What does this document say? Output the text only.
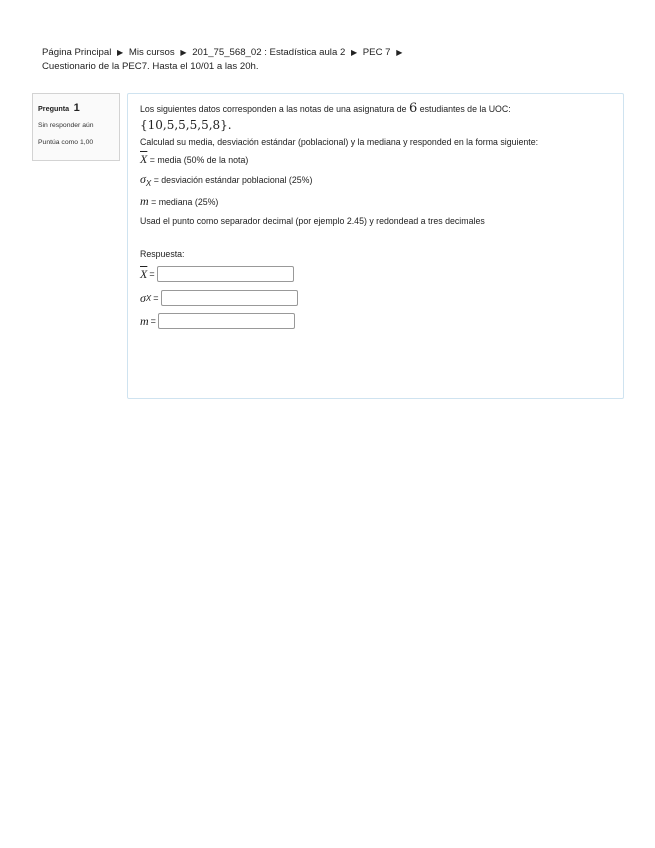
Página Principal ▶ Mis cursos ▶ 201_75_568_02 : Estadística aula 2 ▶ PEC 7 ▶
Cuestionario de la PEC7. Hasta el 10/01 a las 20h.
Pregunta 1
Sin responder aún
Puntúa como 1,00
Los siguientes datos corresponden a las notas de una asignatura de 6 estudiantes de la UOC:
{10,5,5,5,5,8}.
Calculad su media, desviación estándar (poblacional) y la mediana y responded en la forma siguiente:
$\overline{X}$ = media (50% de la nota)
σX = desviación estándar poblacional (25%)
m = mediana (25%)
Usad el punto como separador decimal (por ejemplo 2.45) y redondead a tres decimales
Respuesta:
$\overline{X}$ =
σ X =
m =
